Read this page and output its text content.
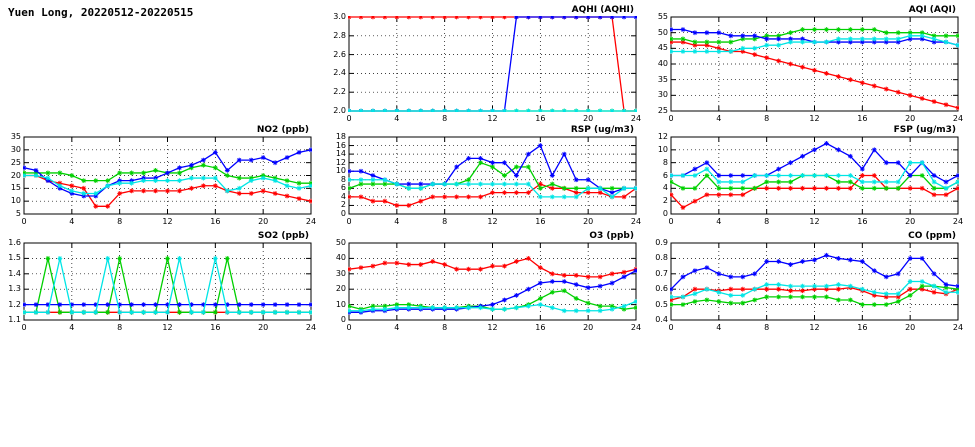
Yuen Long, 20220512-20220515
2.0
2.2
2.4
2.6
2.8
3.0
0	4	8	12	16	20	24
AQHI (AQHI)
25
30
35
40
45
50
55
0	4	8	12	16	20	24
AQI (AQI)
5
10
15
20
25
30
35
0	4	8	12	16	20	24
NO2 (ppb)
0
2
4
6
8
10
12
14
16
18
0	4	8	12	16	20	24
RSP (ug/m3)
0
2
4
6
8
10
12
0	4	8	12	16	20	24
FSP (ug/m3)
1.1
1.2
1.3
1.4
1.5
1.6
0	4	8	12	16	20	24
SO2 (ppb)
0
10
20
30
40
50
0	4	8	12	16	20	24
O3 (ppb)
0.4
0.5
0.6
0.7
0.8
0.9
0	4	8	12	16	20	24
CO (ppm)
